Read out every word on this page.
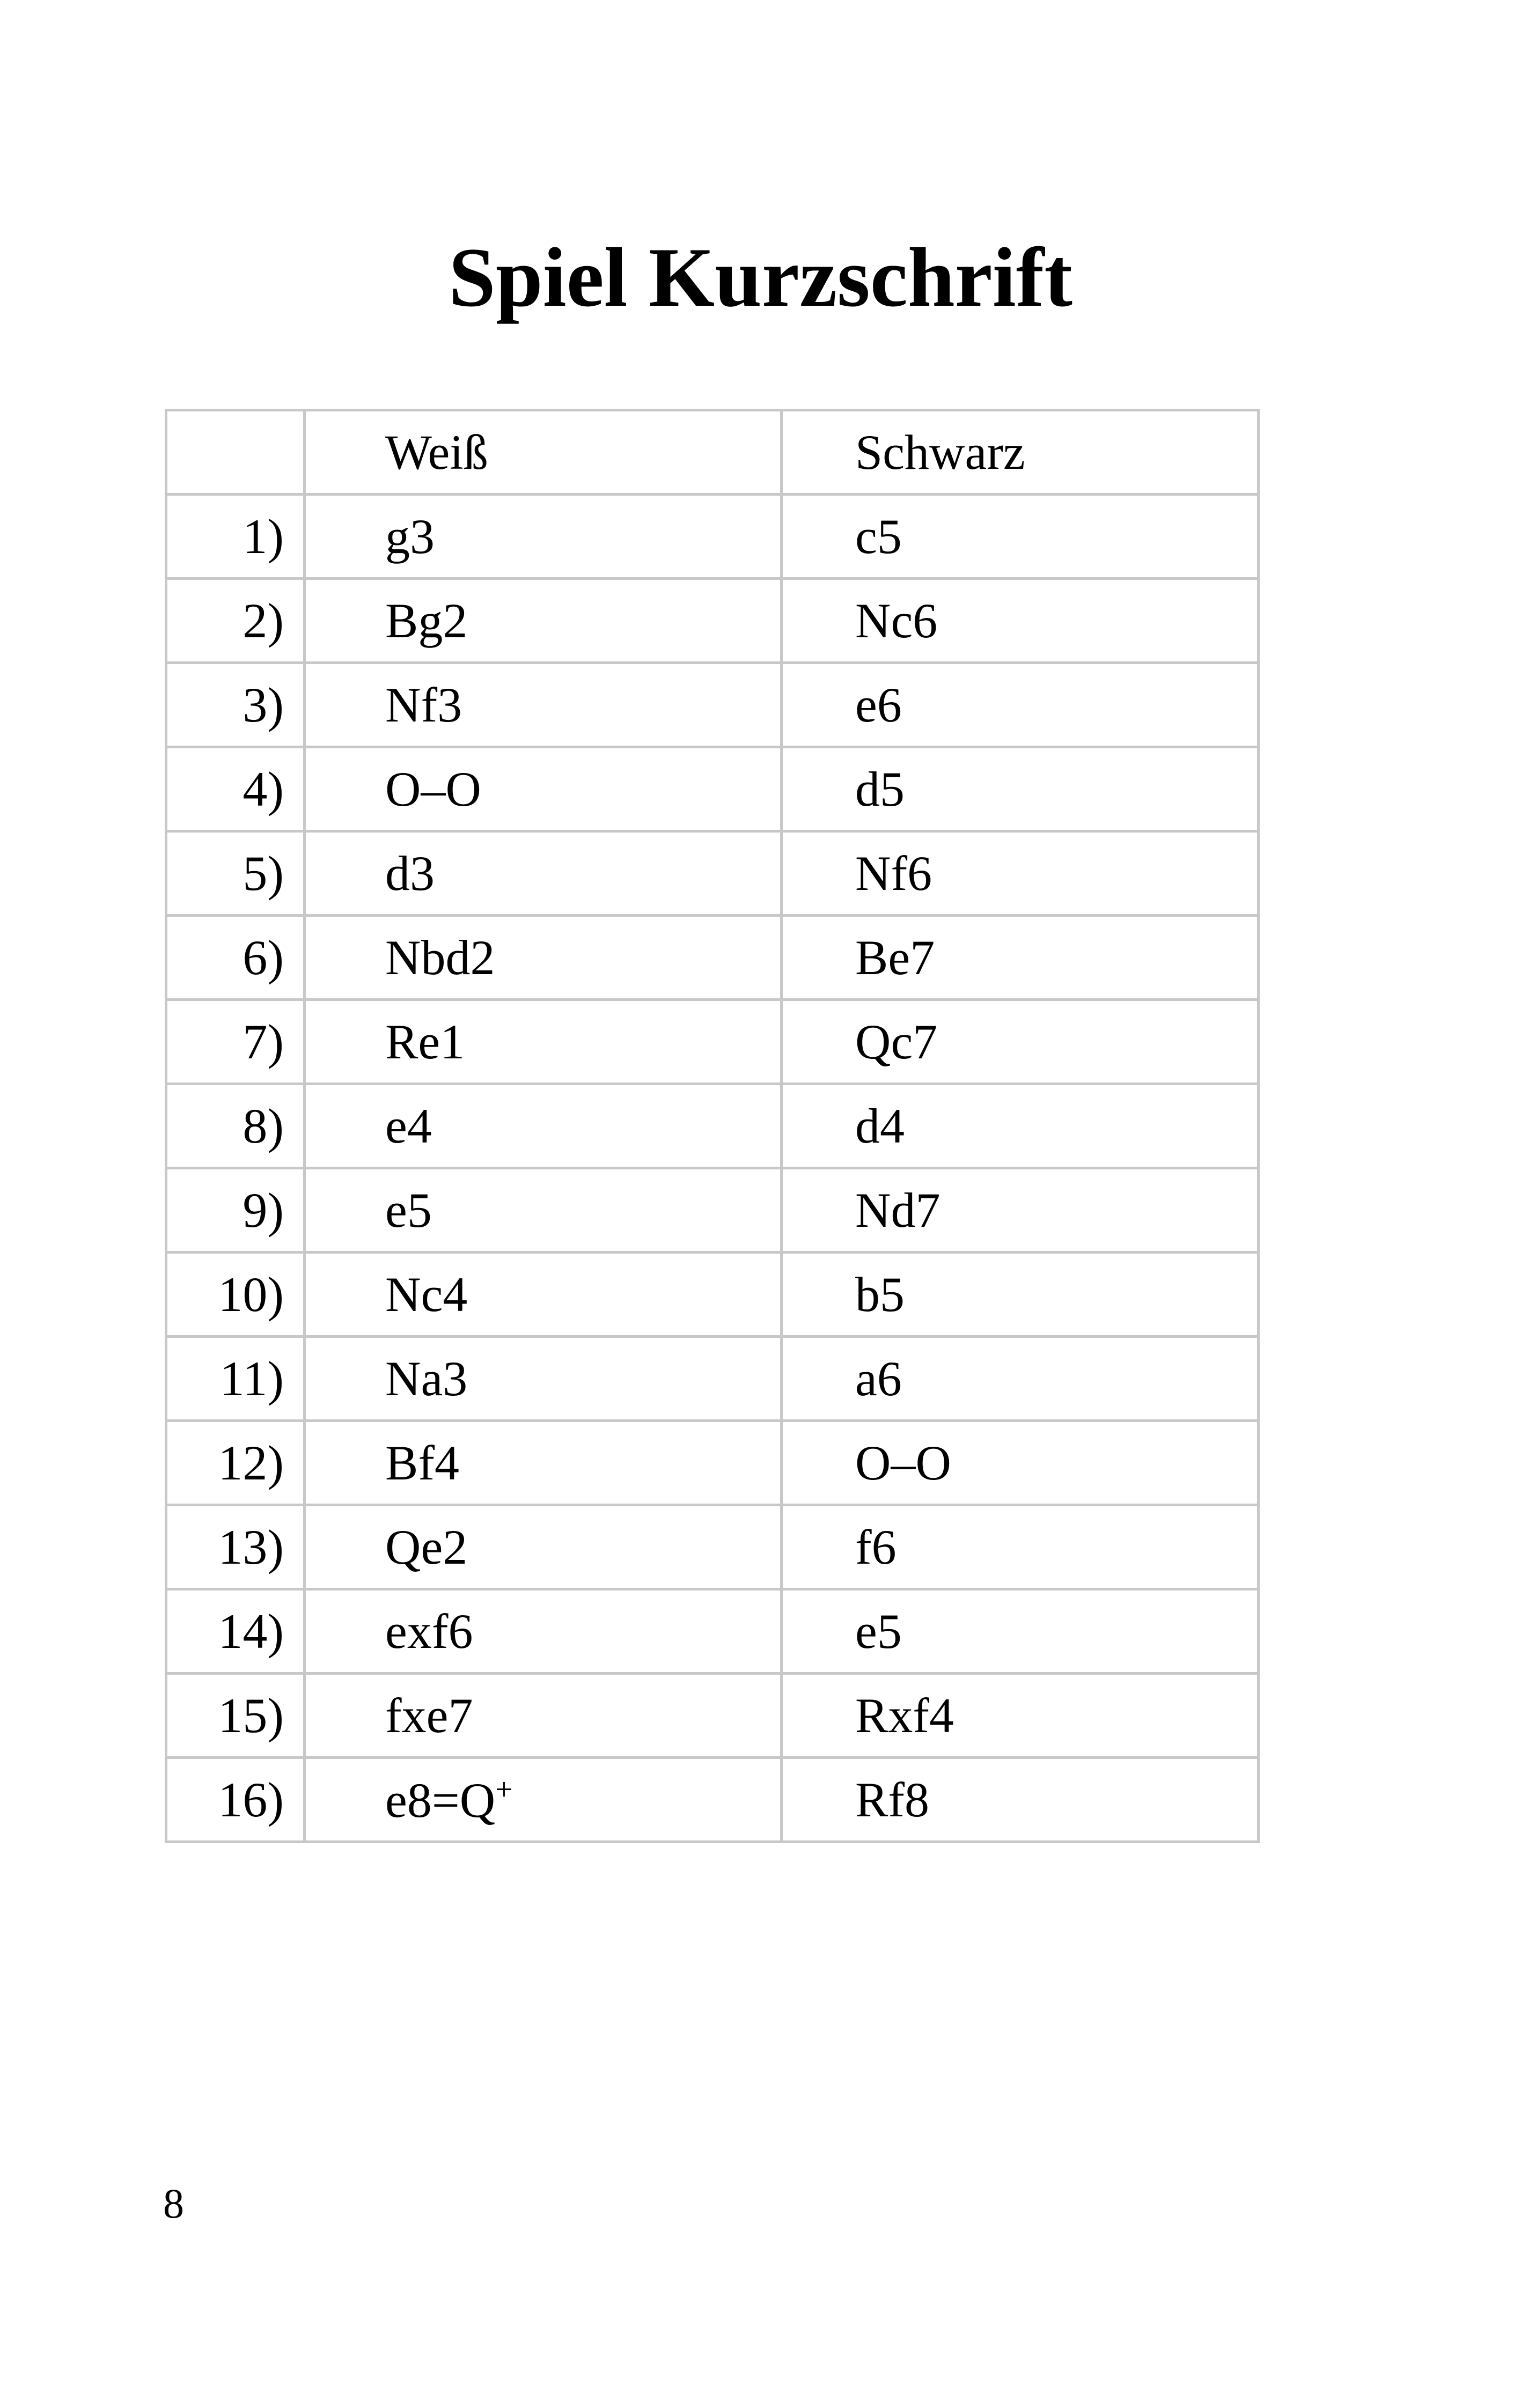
Spiel Kurzschrift
	Weiß	Schwarz
1)	g3	c5
2)	Bg2	Nc6
3)	Nf3	e6
4)	O–O	d5
5)	d3	Nf6
6)	Nbd2	Be7
7)	Re1	Qc7
8)	e4	d4
9)	e5	Nd7
10)	Nc4	b5
11)	Na3	a6
12)	Bf4	O–O
13)	Qe2	f6
14)	exf6	e5
15)	fxe7	Rxf4
16)	e8=Q+	Rf8
8
